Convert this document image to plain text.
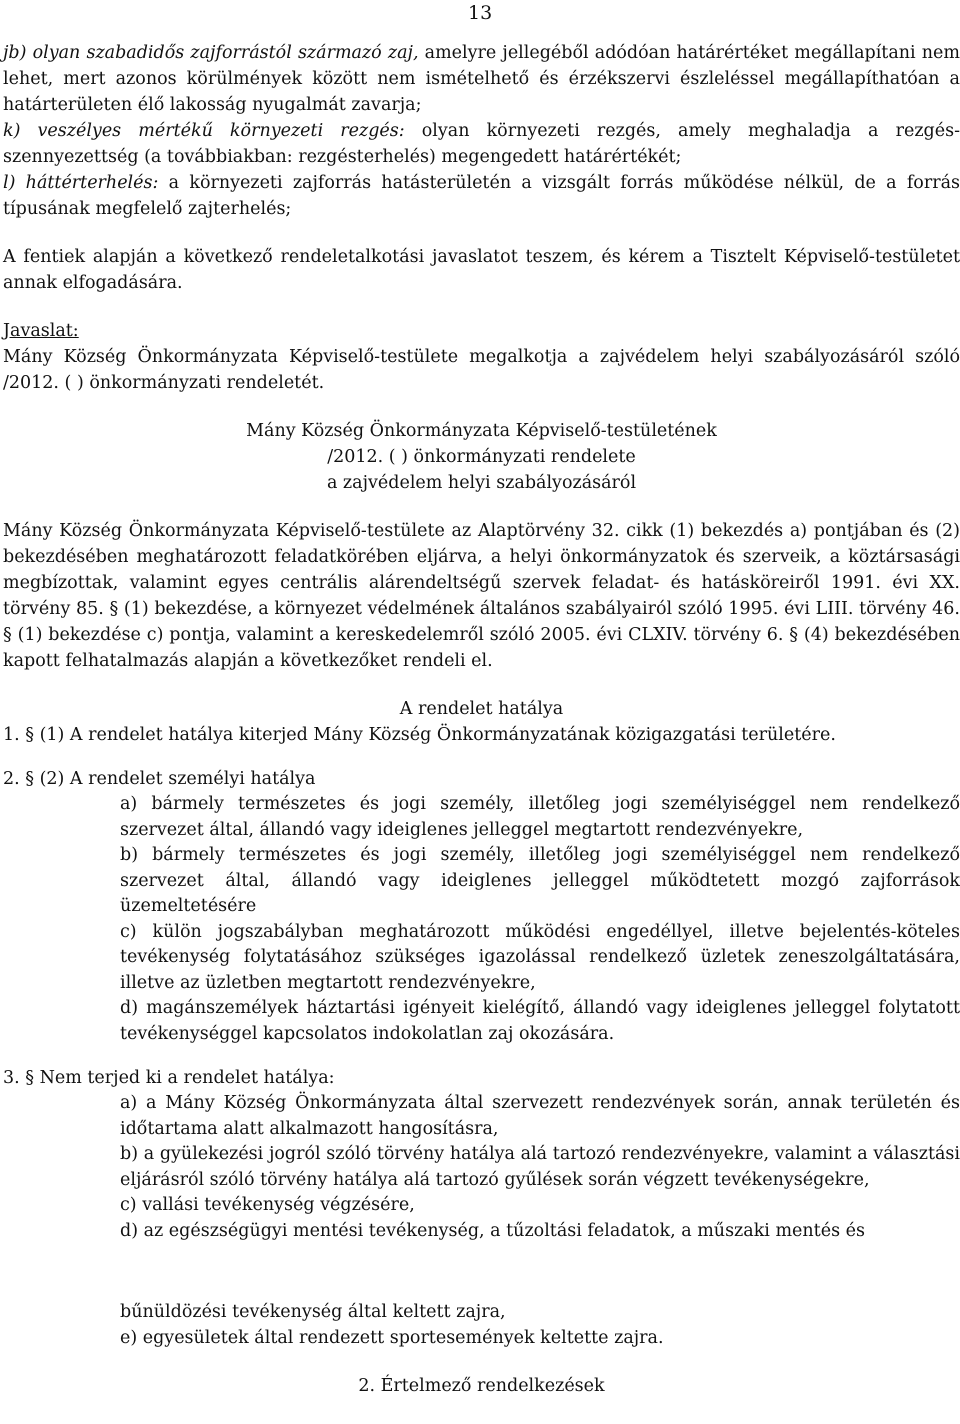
13

jb) olyan szabadidős zajforrástól származó zaj, amelyre jellegéből adódóan határértéket megállapítani nem lehet, mert azonos körülmények között nem ismételhető és érzékszervi észleléssel megállapíthatóan a határterületen élő lakosság nyugalmát zavarja;

k) veszélyes mértékű környezeti rezgés: olyan környezeti rezgés, amely meghaladja a rezgés-szennyezettség (a továbbiakban: rezgésterhelés) megengedett határértékét;

l) háttérterhelés: a környezeti zajforrás hatásterületén a vizsgált forrás működése nélkül, de a forrás típusának megfelelő zajterhelés;

A fentiek alapján a következő rendeletalkotási javaslatot teszem, és kérem a Tisztelt Képviselő-testületet annak elfogadására.

Javaslat:

Mány Község Önkormányzata Képviselő-testülete megalkotja a zajvédelem helyi szabályozásáról szóló /2012. ( ) önkormányzati rendeletét.

Mány Község Önkormányzata Képviselő-testületének

/2012. ( ) önkormányzati rendelete

a zajvédelem helyi szabályozásáról

Mány Község Önkormányzata Képviselő-testülete az Alaptörvény 32. cikk (1) bekezdés a) pontjában és (2) bekezdésében meghatározott feladatkörében eljárva, a helyi önkormányzatok és szerveik, a köztársasági megbízottak, valamint egyes centrális alárendeltségű szervek feladat- és hatásköreiről 1991. évi XX. törvény 85. § (1) bekezdése, a környezet védelmének általános szabályairól szóló 1995. évi LIII. törvény 46. § (1) bekezdése c) pontja, valamint a kereskedelemről szóló 2005. évi CLXIV. törvény 6. § (4) bekezdésében kapott felhatalmazás alapján a következőket rendeli el.

A rendelet hatálya

1. § (1) A rendelet hatálya kiterjed Mány Község Önkormányzatának közigazgatási területére.

2. § (2) A rendelet személyi hatálya

a) bármely természetes és jogi személy, illetőleg jogi személyiséggel nem rendelkező szervezet által, állandó vagy ideiglenes jelleggel megtartott rendezvényekre,

b) bármely természetes és jogi személy, illetőleg jogi személyiséggel nem rendelkező szervezet által, állandó vagy ideiglenes jelleggel működtetett mozgó zajforrások üzemeltetésére

c) külön jogszabályban meghatározott működési engedéllyel, illetve bejelentés-köteles tevékenység folytatásához szükséges igazolással rendelkező üzletek zeneszolgáltatására, illetve az üzletben megtartott rendezvényekre,

d) magánszemélyek háztartási igényeit kielégítő, állandó vagy ideiglenes jelleggel folytatott tevékenységgel kapcsolatos indokolatlan zaj okozására.

3. § Nem terjed ki a rendelet hatálya:

a) a Mány Község Önkormányzata által szervezett rendezvények során, annak területén és időtartama alatt alkalmazott hangosításra,

b) a gyülekezési jogról szóló törvény hatálya alá tartozó rendezvényekre, valamint a választási eljárásról szóló törvény hatálya alá tartozó gyűlések során végzett tevékenységekre,

c) vallási tevékenység végzésére,

d) az egészségügyi mentési tevékenység, a tűzoltási feladatok, a műszaki mentés és

bűnüldözési tevékenység által keltett zajra,

e) egyesületek által rendezett sportesemények keltette zajra.

2. Értelmező rendelkezések
